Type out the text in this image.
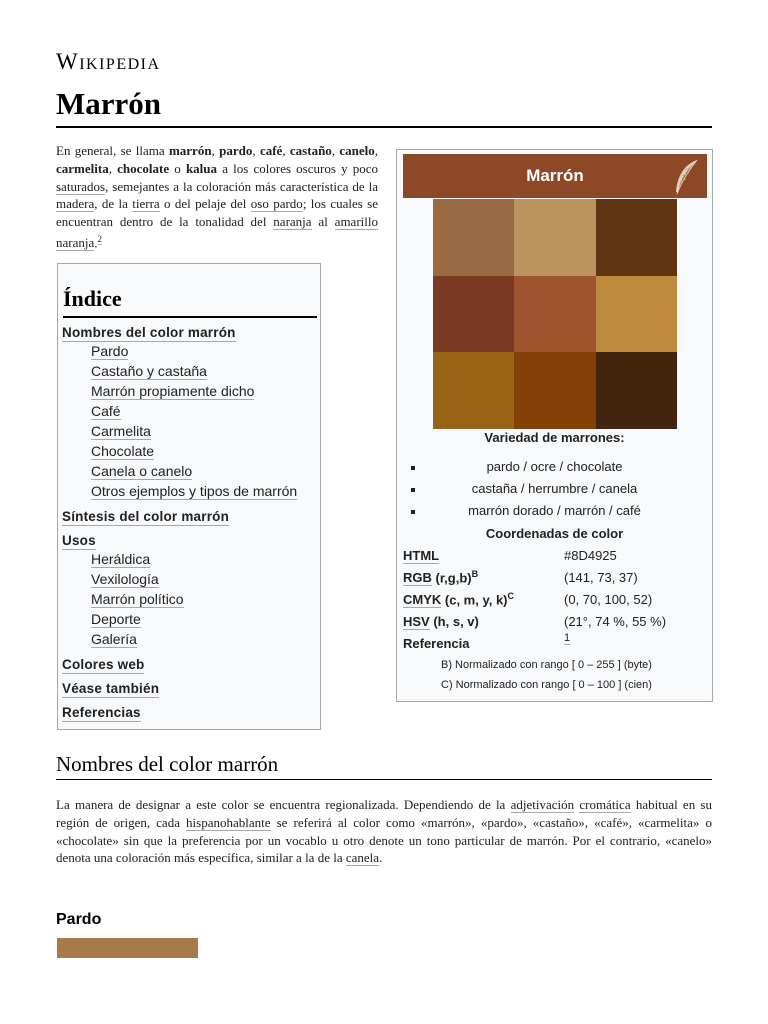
Wikipedia
Marrón
En general, se llama marrón, pardo, café, castaño, canelo, carmelita, chocolate o kalua a los colores oscuros y poco saturados, semejantes a la coloración más característica de la madera, de la tierra o del pelaje del oso pardo; los cuales se encuentran dentro de la tonalidad del naranja al amarillo naranja.$^2$
Índice
Nombres del color marrón
Pardo
Castaño y castaña
Marrón propiamente dicho
Café
Carmelita
Chocolate
Canela o canelo
Otros ejemplos y tipos de marrón
Síntesis del color marrón
Usos
Heráldica
Vexilología
Marrón político
Deporte
Galería
Colores web
Véase también
Referencias
Marrón
Variedad de marrones:
pardo / ocre / chocolate
castaña / herrumbre / canela
marrón dorado / marrón / café
Coordenadas de color
HTML	#8D4925
RGB $(r,g,b)^B$	(141, 73, 37)
CMYK (c, m, y, k)$^C$	(0, 70, 100, 52)
HSV (h, s, v)	(21°, 74 %, 55 %)
Referencia	1
B) Normalizado con rango [ 0 – 255 ] (byte)
C) Normalizado con rango [ 0 – 100 ] (cien)
Nombres del color marrón
La manera de designar a este color se encuentra regionalizada. Dependiendo de la adjetivación cromática habitual en su región de origen, cada hispanohablante se referirá al color como «marrón», «pardo», «castaño», «café», «carmelita» o «chocolate» sin que la preferencia por un vocablo u otro denote un tono particular de marrón. Por el contrario, «canelo» denota una coloración más específica, similar a la de la canela.
Pardo
